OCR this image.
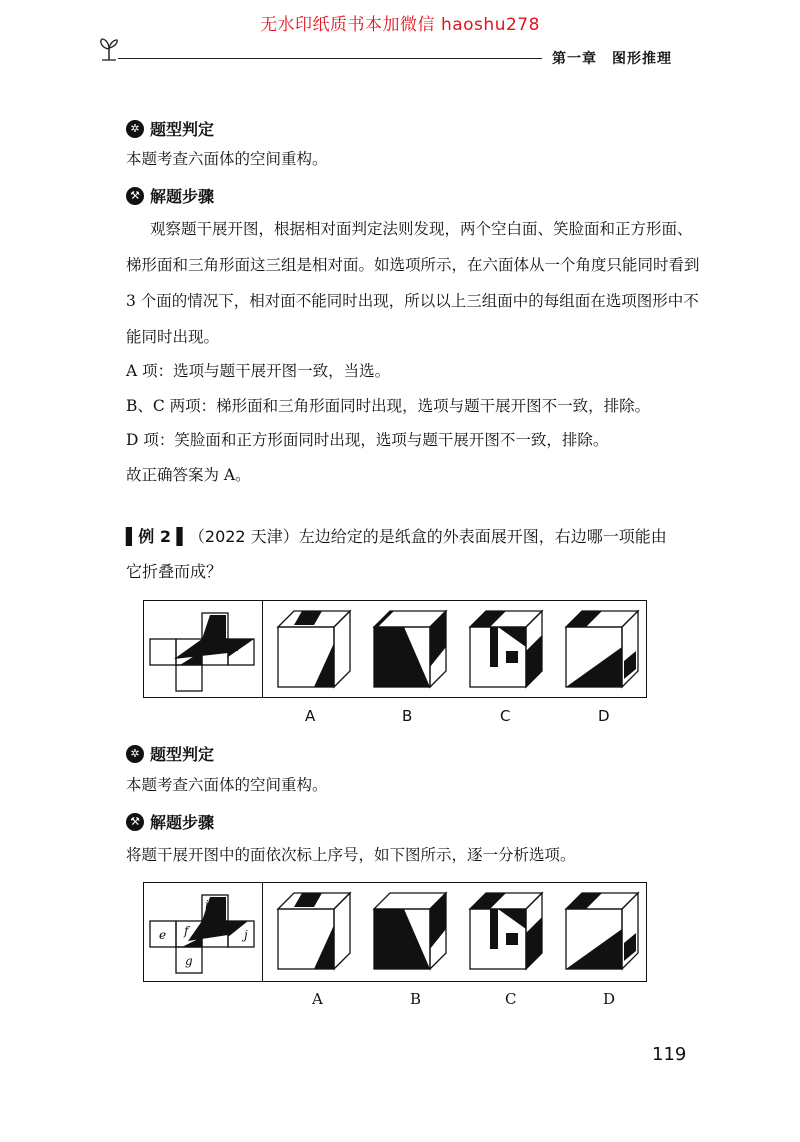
无水印纸质书本加微信 haoshu278
第一章　图形推理
✲ 题型判定
本题考查六面体的空间重构。
⚒ 解题步骤
观察题干展开图，根据相对面判定法则发现，两个空白面、笑脸面和正方形面、
梯形面和三角形面这三组是相对面。如选项所示，在六面体从一个角度只能同时看到
3 个面的情况下，相对面不能同时出现，所以以上三组面中的每组面在选项图形中不
能同时出现。
A 项：选项与题干展开图一致，当选。
B、C 两项：梯形面和三角形面同时出现，选项与题干展开图不一致，排除。
D 项：笑脸面和正方形面同时出现，选项与题干展开图不一致，排除。
故正确答案为 A。
▌例 2 ▌（2022 天津）左边给定的是纸盒的外表面展开图，右边哪一项能由
它折叠而成？
A	B	C	D
✲ 题型判定
本题考查六面体的空间重构。
⚒ 解题步骤
将题干展开图中的面依次标上序号，如下图所示，逐一分析选项。
e f
g
i
j
A	B	C	D
119
